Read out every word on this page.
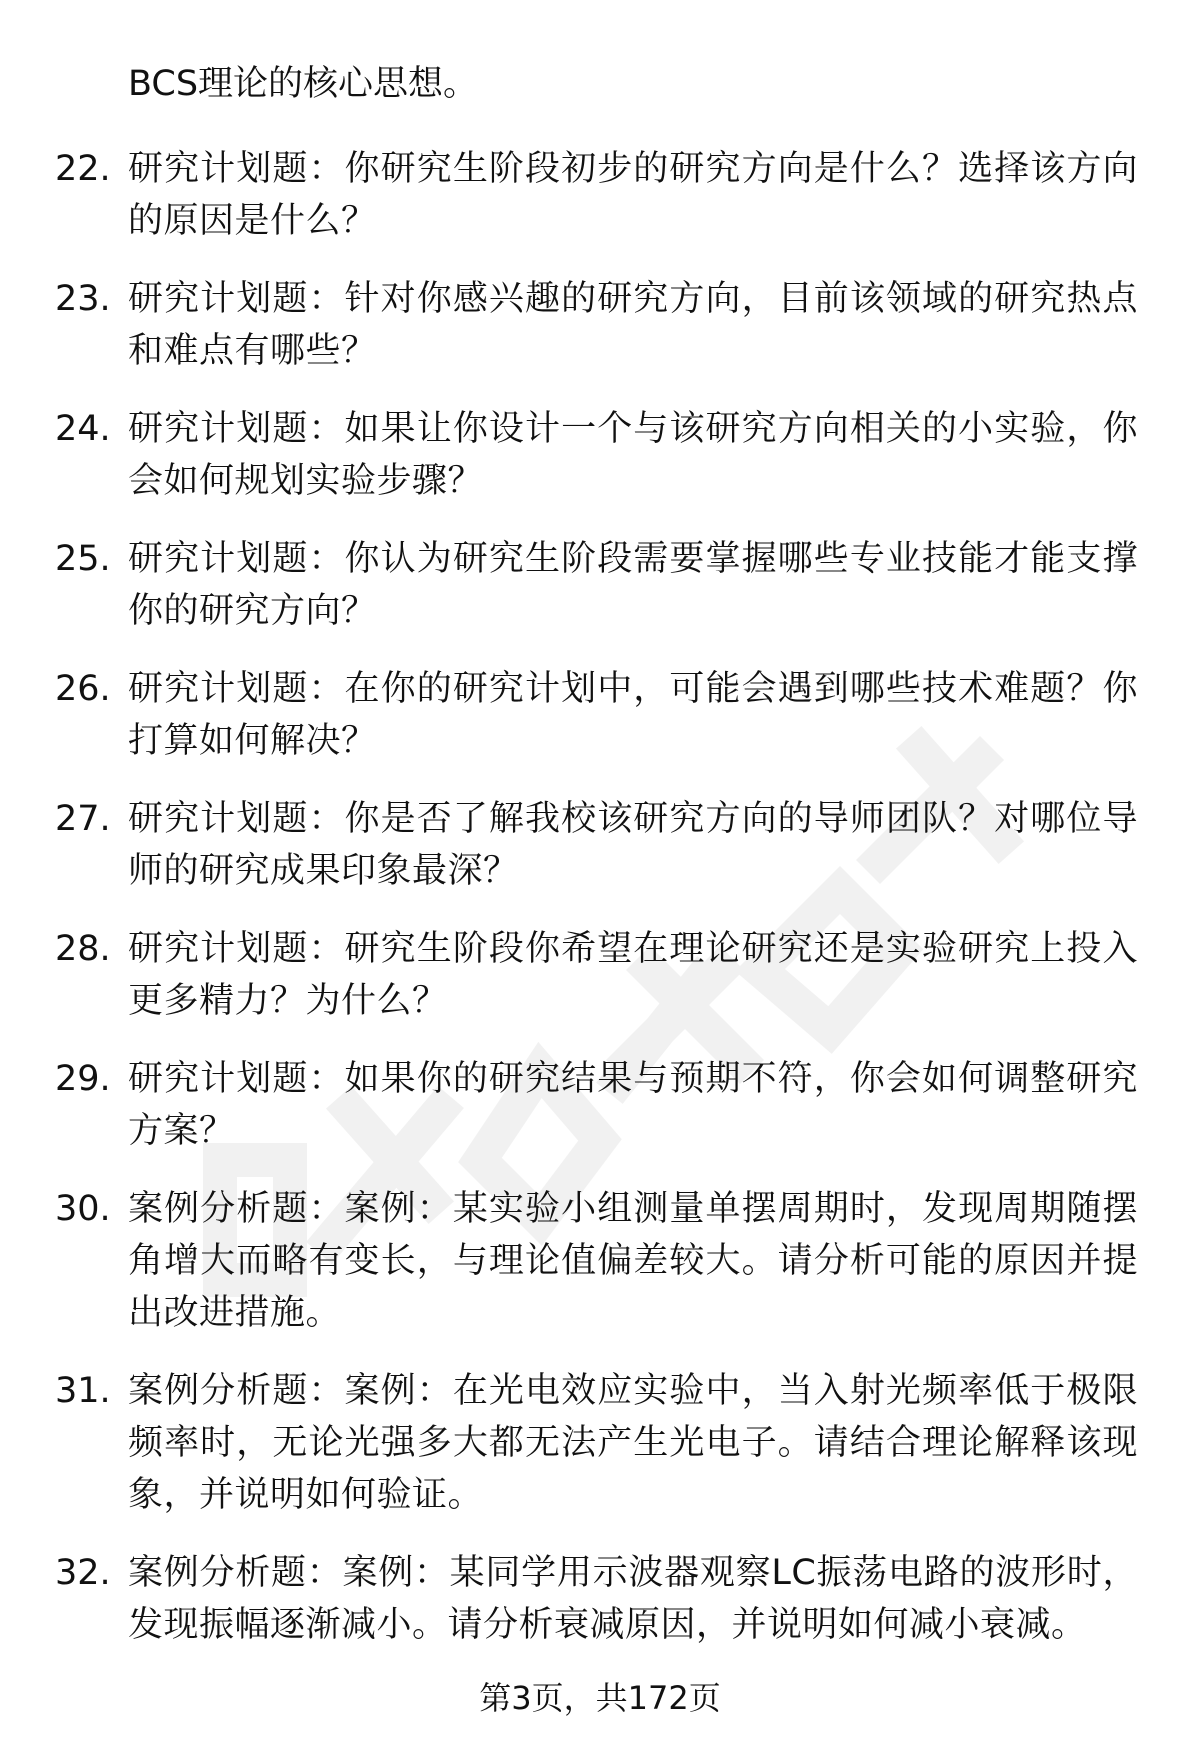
BCS理论的核心思想。

22. 研究计划题：你研究生阶段初步的研究方向是什么？选择该方向的原因是什么？
23. 研究计划题：针对你感兴趣的研究方向，目前该领域的研究热点和难点有哪些？
24. 研究计划题：如果让你设计一个与该研究方向相关的小实验，你会如何规划实验步骤？
25. 研究计划题：你认为研究生阶段需要掌握哪些专业技能才能支撑你的研究方向？
26. 研究计划题：在你的研究计划中，可能会遇到哪些技术难题？你打算如何解决？
27. 研究计划题：你是否了解我校该研究方向的导师团队？对哪位导师的研究成果印象最深？
28. 研究计划题：研究生阶段你希望在理论研究还是实验研究上投入更多精力？为什么？
29. 研究计划题：如果你的研究结果与预期不符，你会如何调整研究方案？
30. 案例分析题：案例：某实验小组测量单摆周期时，发现周期随摆角增大而略有变长，与理论值偏差较大。请分析可能的原因并提出改进措施。
31. 案例分析题：案例：在光电效应实验中，当入射光频率低于极限频率时，无论光强多大都无法产生光电子。请结合理论解释该现象，并说明如何验证。
32. 案例分析题：案例：某同学用示波器观察LC振荡电路的波形时，发现振幅逐渐减小。请分析衰减原因，并说明如何减小衰减。
第3页，共172页
